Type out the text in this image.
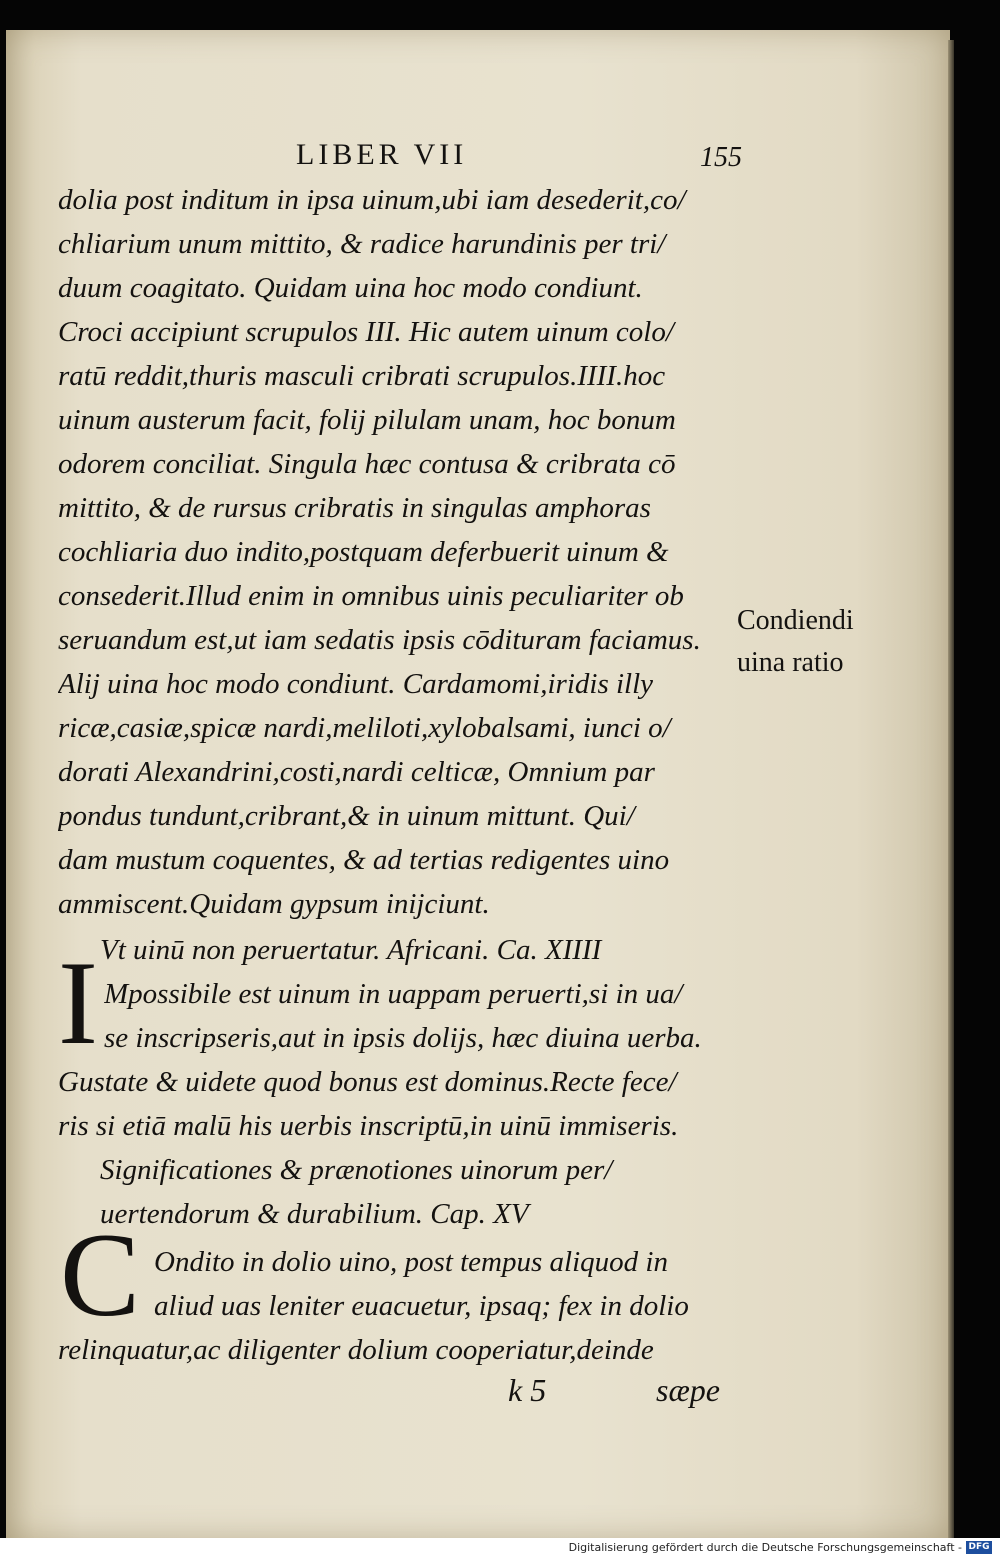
LIBER VII	155
dolia post inditum in ipsa uinum,ubi iam desederit,co/
chliarium unum mittito, & radice harundinis per tri/
duum coagitato. Quidam uina hoc modo condiunt.
Croci accipiunt scrupulos III. Hic autem uinum colo/
ratū reddit,thuris masculi cribrati scrupulos.IIII.hoc
uinum austerum facit, folij pilulam unam, hoc bonum
odorem conciliat. Singula hæc contusa & cribrata cō
mittito, & de rursus cribratis in singulas amphoras
cochliaria duo indito,postquam deferbuerit uinum &
consederit.Illud enim in omnibus uinis peculiariter ob
seruandum est,ut iam sedatis ipsis cōdituram faciamus.
Alij uina hoc modo condiunt. Cardamomi,iridis illy
ricæ,casiæ,spicæ nardi,meliloti,xylobalsami, iunci o/
dorati Alexandrini,costi,nardi celticæ, Omnium par
pondus tundunt,cribrant,& in uinum mittunt. Qui/
dam mustum coquentes, & ad tertias redigentes uino
ammiscent.Quidam gypsum inijciunt.
Condiendi
uina ratio
Vt uinū non peruertatur. Africani. Ca. XIIII
I Mpossibile est uinum in uappam peruerti,si in ua/
se inscripseris,aut in ipsis dolijs, hæc diuina uerba.
Gustate & uidete quod bonus est dominus.Recte fece/
ris si etiā malū his uerbis inscriptū,in uinū immiseris.
Significationes & prænotiones uinorum per/
uertendorum & durabilium. Cap. XV
C Ondito in dolio uino, post tempus aliquod in
aliud uas leniter euacuetur, ipsaq; fex in dolio
relinquatur,ac diligenter dolium cooperiatur,deinde
k 5	sæpe
Digitalisierung gefördert durch die Deutsche Forschungsgemeinschaft - DFG
